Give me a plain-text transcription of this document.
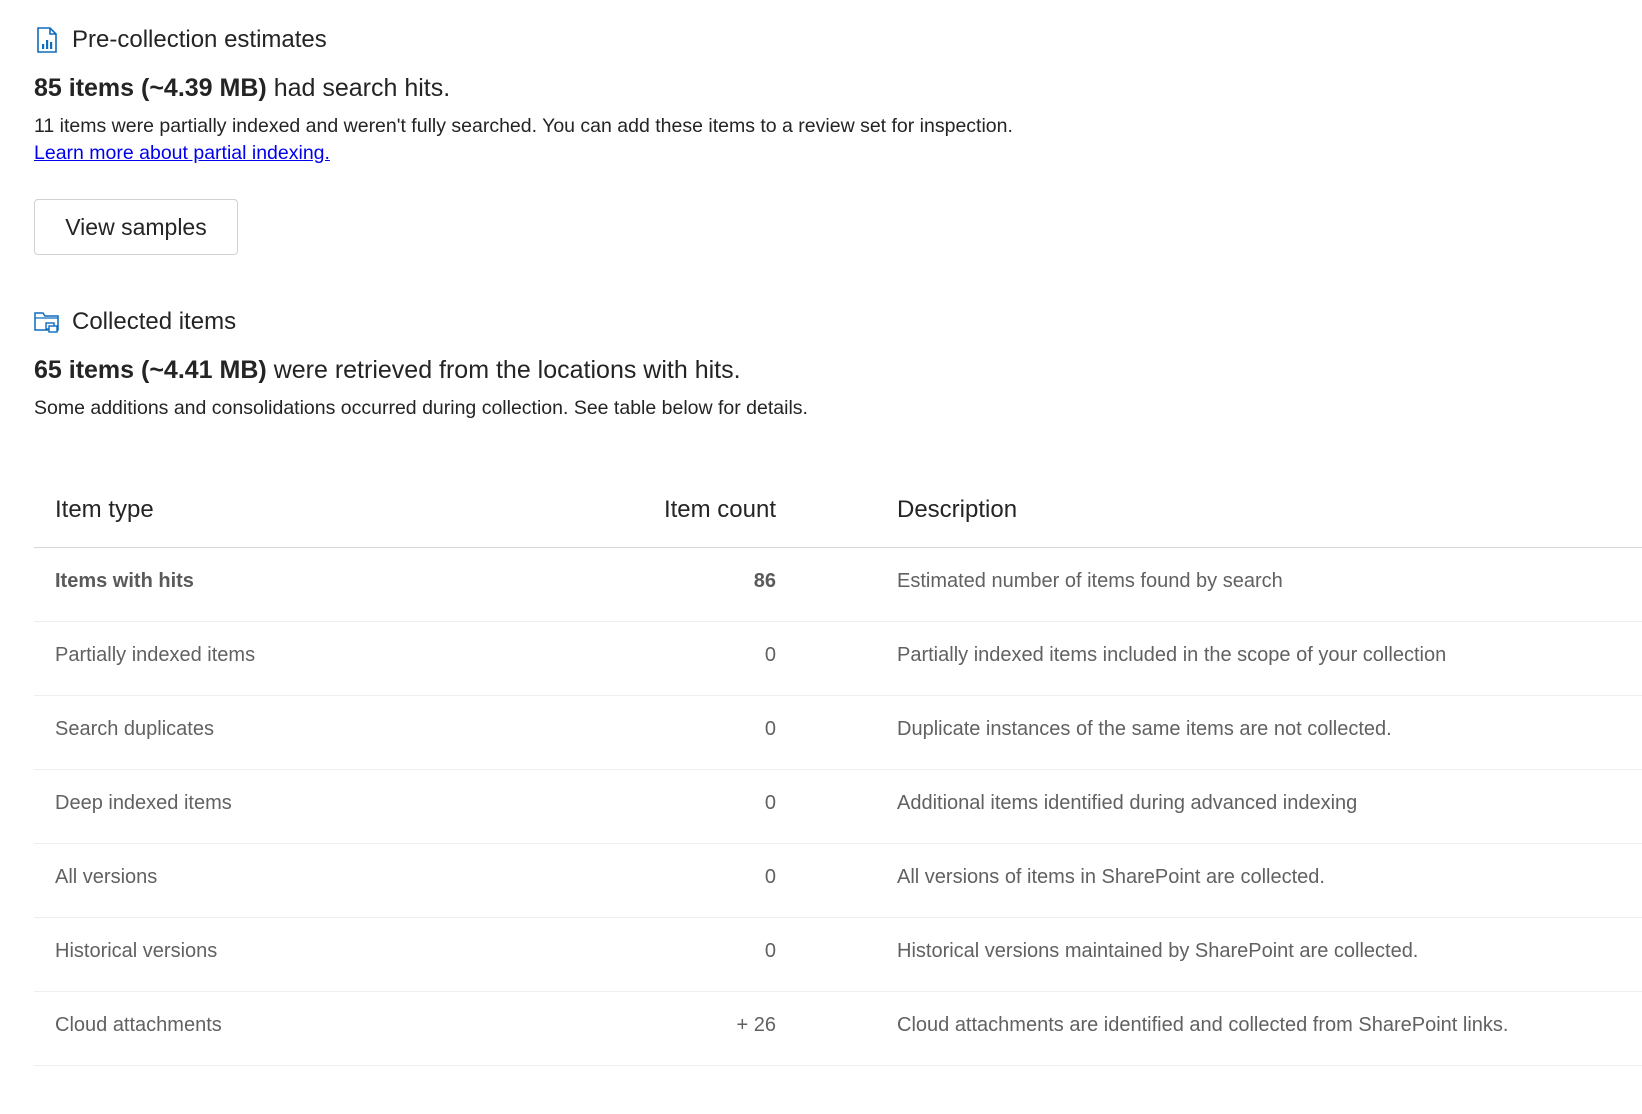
Pre-collection estimates
85 items (~4.39 MB) had search hits.
11 items were partially indexed and weren't fully searched. You can add these items to a review set for inspection.
Learn more about partial indexing.
View samples
Collected items
65 items (~4.41 MB) were retrieved from the locations with hits.
Some additions and consolidations occurred during collection. See table below for details.
Item type	Item count	Description
Items with hits	86	Estimated number of items found by search
Partially indexed items	0	Partially indexed items included in the scope of your collection
Search duplicates	0	Duplicate instances of the same items are not collected.
Deep indexed items	0	Additional items identified during advanced indexing
All versions	0	All versions of items in SharePoint are collected.
Historical versions	0	Historical versions maintained by SharePoint are collected.
Cloud attachments	+ 26	Cloud attachments are identified and collected from SharePoint links.
